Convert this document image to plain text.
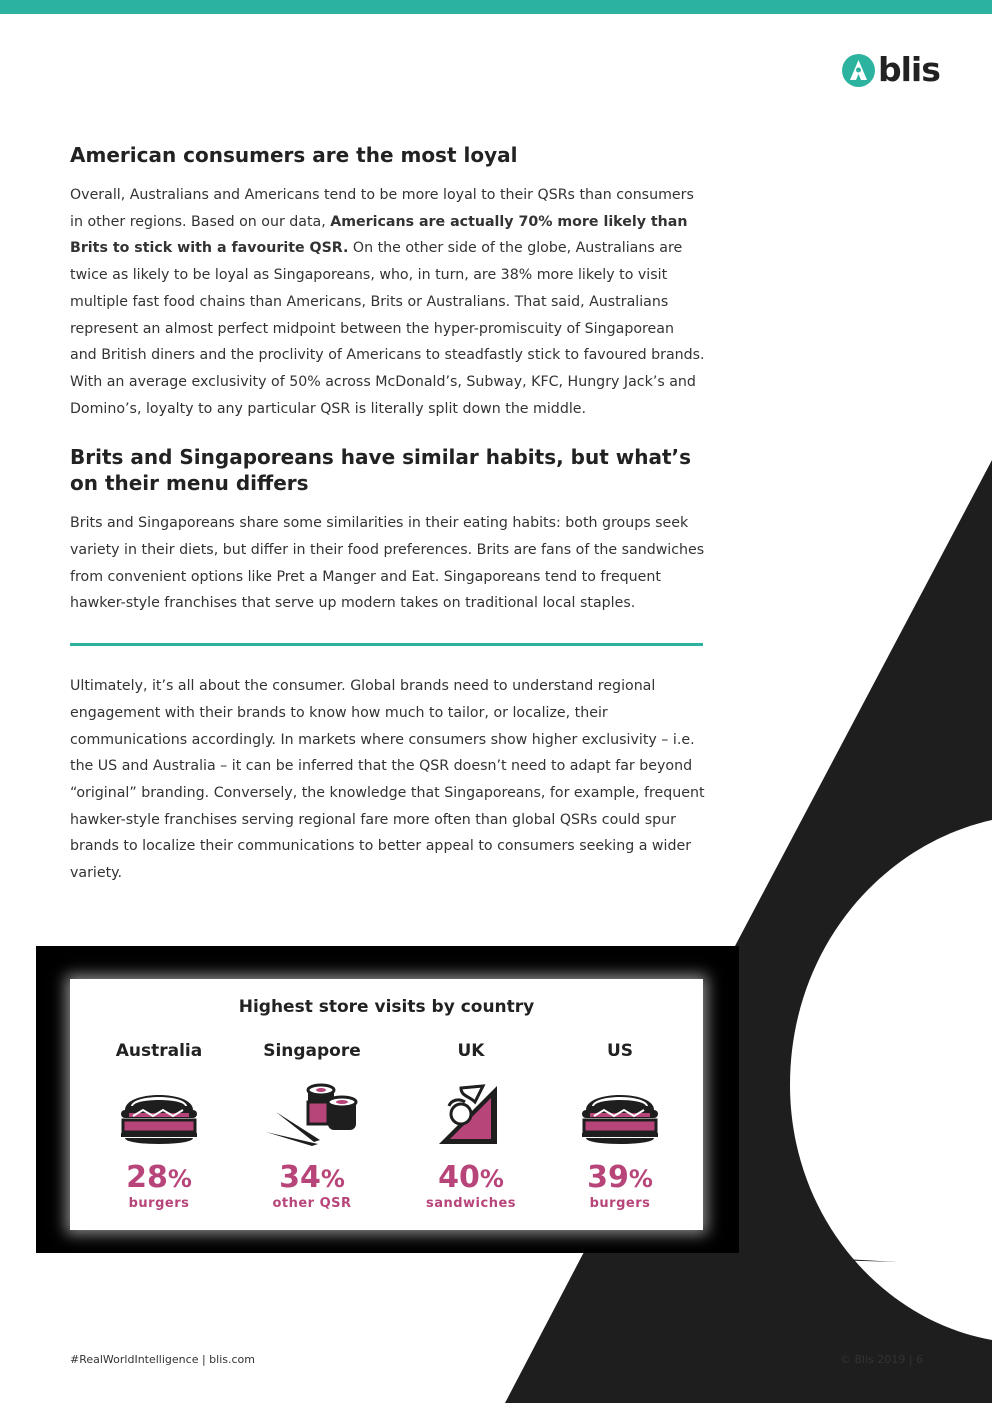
blis
American consumers are the most loyal

Overall, Australians and Americans tend to be more loyal to their QSRs than consumers in other regions. Based on our data, Americans are actually 70% more likely than Brits to stick with a favourite QSR. On the other side of the globe, Australians are twice as likely to be loyal as Singaporeans, who, in turn, are 38% more likely to visit multiple fast food chains than Americans, Brits or Australians. That said, Australians represent an almost perfect midpoint between the hyper-promiscuity of Singaporean and British diners and the proclivity of Americans to steadfastly stick to favoured brands. With an average exclusivity of 50% across McDonald’s, Subway, KFC, Hungry Jack’s and Domino’s, loyalty to any particular QSR is literally split down the middle.

Brits and Singaporeans have similar habits, but what’s on their menu differs

Brits and Singaporeans share some similarities in their eating habits: both groups seek variety in their diets, but differ in their food preferences. Brits are fans of the sandwiches from convenient options like Pret a Manger and Eat. Singaporeans tend to frequent hawker-style franchises that serve up modern takes on traditional local staples.

Ultimately, it’s all about the consumer. Global brands need to understand regional engagement with their brands to know how much to tailor, or localize, their communications accordingly. In markets where consumers show higher exclusivity – i.e. the US and Australia – it can be inferred that the QSR doesn’t need to adapt far beyond “original” branding. Conversely, the knowledge that Singaporeans, for example, frequent hawker-style franchises serving regional fare more often than global QSRs could spur brands to localize their communications to better appeal to consumers seeking a wider variety.

Highest store visits by country
Australia
28%
burgers
Singapore
34%
other QSR
UK
40%
sandwiches
US
39%
burgers
#RealWorldIntelligence | blis.com	© Blis 2019 | 6
